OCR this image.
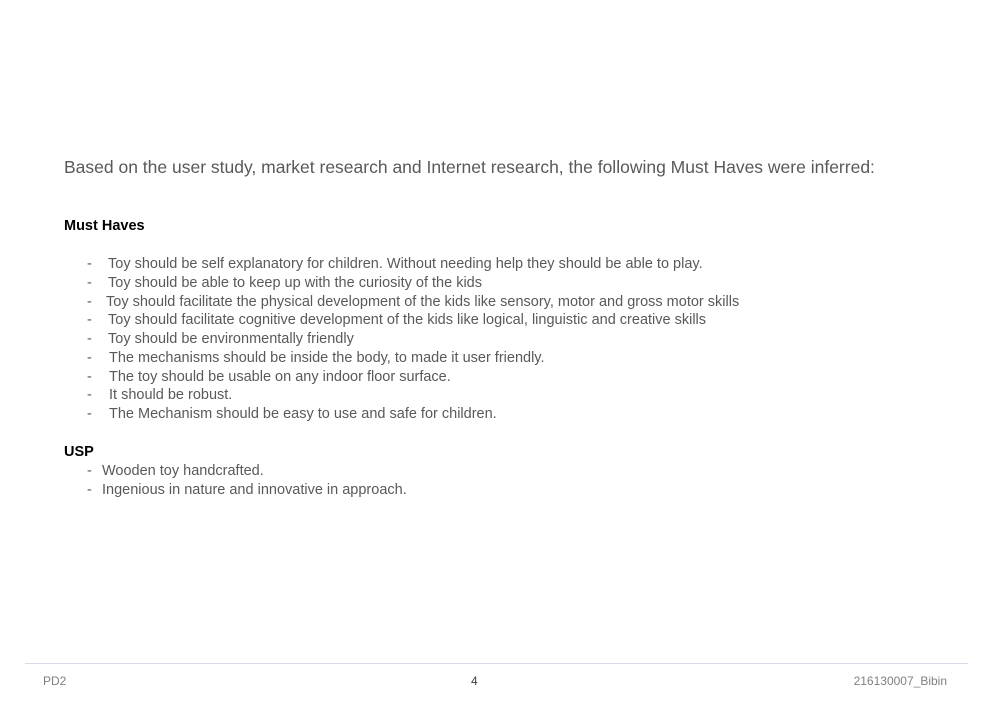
Based on the user study, market research and Internet research, the following Must Haves were inferred:
Must Haves
- Toy should be self explanatory for children. Without needing help they should be able to play.
- Toy should be able to keep up with the curiosity of the kids
- Toy should facilitate the physical development of the kids like sensory, motor and gross motor skills
- Toy should facilitate cognitive development of the kids like logical, linguistic and creative skills
- Toy should be environmentally friendly
- The mechanisms should be inside the body, to made it user friendly.
- The toy should be usable on any indoor floor surface.
- It should be robust.
- The Mechanism should be easy to use and safe for children.
USP
- Wooden toy handcrafted.
- Ingenious in nature and innovative in approach.
PD2	4	216130007_Bibin
